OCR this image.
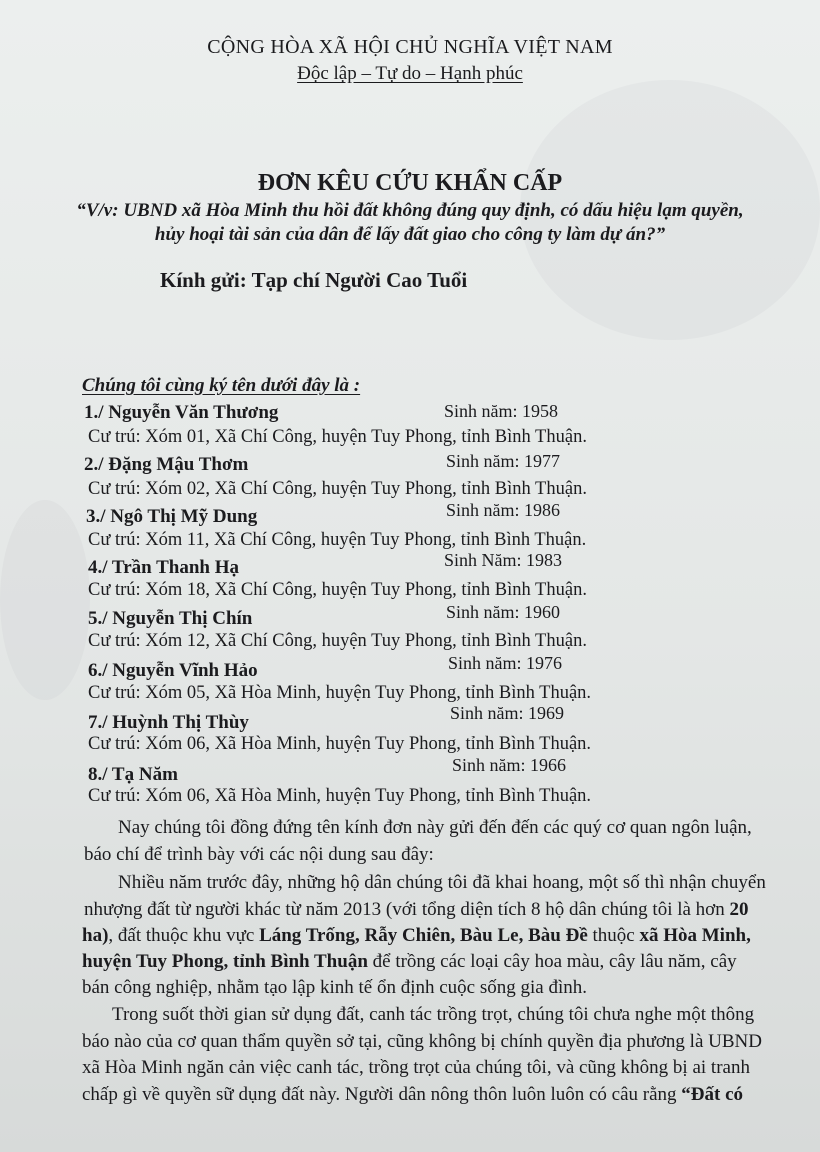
CỘNG HÒA XÃ HỘI CHỦ NGHĨA VIỆT NAM
Độc lập – Tự do – Hạnh phúc
ĐƠN KÊU CỨU KHẨN CẤP
“V/v: UBND xã Hòa Minh thu hồi đất không đúng quy định, có dấu hiệu lạm quyền,
hủy hoại tài sản của dân để lấy đất giao cho công ty làm dự án?”
Kính gửi: Tạp chí Người Cao Tuổi
Chúng tôi cùng ký tên dưới đây là :
1./ Nguyễn Văn Thương	Sinh năm: 1958
Cư trú: Xóm 01, Xã Chí Công, huyện Tuy Phong, tỉnh Bình Thuận.
2./ Đặng Mậu Thơm	Sinh năm: 1977
Cư trú: Xóm 02, Xã Chí Công, huyện Tuy Phong, tỉnh Bình Thuận.
3./ Ngô Thị Mỹ Dung	Sinh năm: 1986
Cư trú: Xóm 11, Xã Chí Công, huyện Tuy Phong, tỉnh Bình Thuận.
4./ Trần Thanh Hạ	Sinh Năm: 1983
Cư trú: Xóm 18, Xã Chí Công, huyện Tuy Phong, tỉnh Bình Thuận.
5./ Nguyễn Thị Chín	Sinh năm: 1960
Cư trú: Xóm 12, Xã Chí Công, huyện Tuy Phong, tỉnh Bình Thuận.
6./ Nguyễn Vĩnh Hảo	Sinh năm: 1976
Cư trú: Xóm 05, Xã Hòa Minh, huyện Tuy Phong, tỉnh Bình Thuận.
7./ Huỳnh Thị Thùy	Sinh năm: 1969
Cư trú: Xóm 06, Xã Hòa Minh, huyện Tuy Phong, tỉnh Bình Thuận.
8./ Tạ Năm	Sinh năm: 1966
Cư trú: Xóm 06, Xã Hòa Minh, huyện Tuy Phong, tỉnh Bình Thuận.
Nay chúng tôi đồng đứng tên kính đơn này gửi đến đến các quý cơ quan ngôn luận,
báo chí để trình bày với các nội dung sau đây:
Nhiều năm trước đây, những hộ dân chúng tôi đã khai hoang, một số thì nhận chuyển
nhượng đất từ người khác từ năm 2013 (với tổng diện tích 8 hộ dân chúng tôi là hơn 20
ha), đất thuộc khu vực Láng Trống, Rẫy Chiên, Bàu Le, Bàu Đề thuộc xã Hòa Minh,
huyện Tuy Phong, tỉnh Bình Thuận để trồng các loại cây hoa màu, cây lâu năm, cây
bán công nghiệp, nhằm tạo lập kinh tế ổn định cuộc sống gia đình.
Trong suốt thời gian sử dụng đất, canh tác trồng trọt, chúng tôi chưa nghe một thông
báo nào của cơ quan thẩm quyền sở tại, cũng không bị chính quyền địa phương là UBND
xã Hòa Minh ngăn cản việc canh tác, trồng trọt của chúng tôi, và cũng không bị ai tranh
chấp gì về quyền sữ dụng đất này. Người dân nông thôn luôn luôn có câu rằng “Đất có
